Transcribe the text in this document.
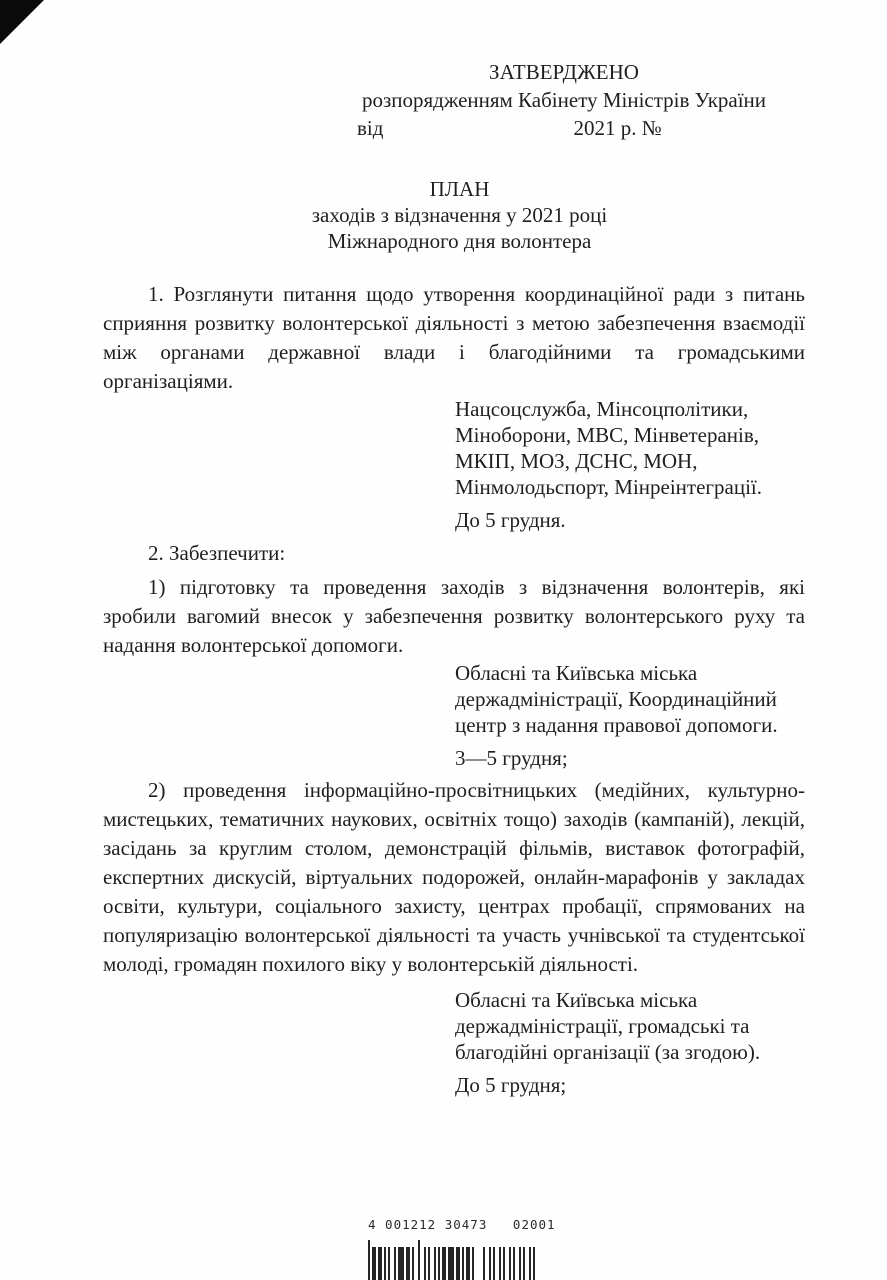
ЗАТВЕРДЖЕНО
розпорядженням Кабінету Міністрів України
від	2021 р. №
ПЛАН
заходів з відзначення у 2021 році
Міжнародного дня волонтера

1. Розглянути питання щодо утворення координаційної ради з питань сприяння розвитку волонтерської діяльності з метою забезпечення взаємодії між органами державної влади і благодійними та громадськими організаціями.

Нацсоцслужба, Мінсоцполітики,
Міноборони, МВС, Мінветеранів,
МКІП, МОЗ, ДСНС, МОН,
Мінмолодьспорт, Мінреінтеграції.
До 5 грудня.
2. Забезпечити:

1) підготовку та проведення заходів з відзначення волонтерів, які зробили вагомий внесок у забезпечення розвитку волонтерського руху та надання волонтерської допомоги.

Обласні та Київська міська
держадміністрації, Координаційний
центр з надання правової допомоги.
3—5 грудня;

2) проведення інформаційно-просвітницьких (медійних, культурно-мистецьких, тематичних наукових, освітніх тощо) заходів (кампаній), лекцій, засідань за круглим столом, демонстрацій фільмів, виставок фотографій, експертних дискусій, віртуальних подорожей, онлайн-марафонів у закладах освіти, культури, соціального захисту, центрах пробації, спрямованих на популяризацію волонтерської діяльності та участь учнівської та студентської молоді, громадян похилого віку у волонтерській діяльності.

Обласні та Київська міська
держадміністрації, громадські та
благодійні організації (за згодою).
До 5 грудня;
4 001212 30473   02001
